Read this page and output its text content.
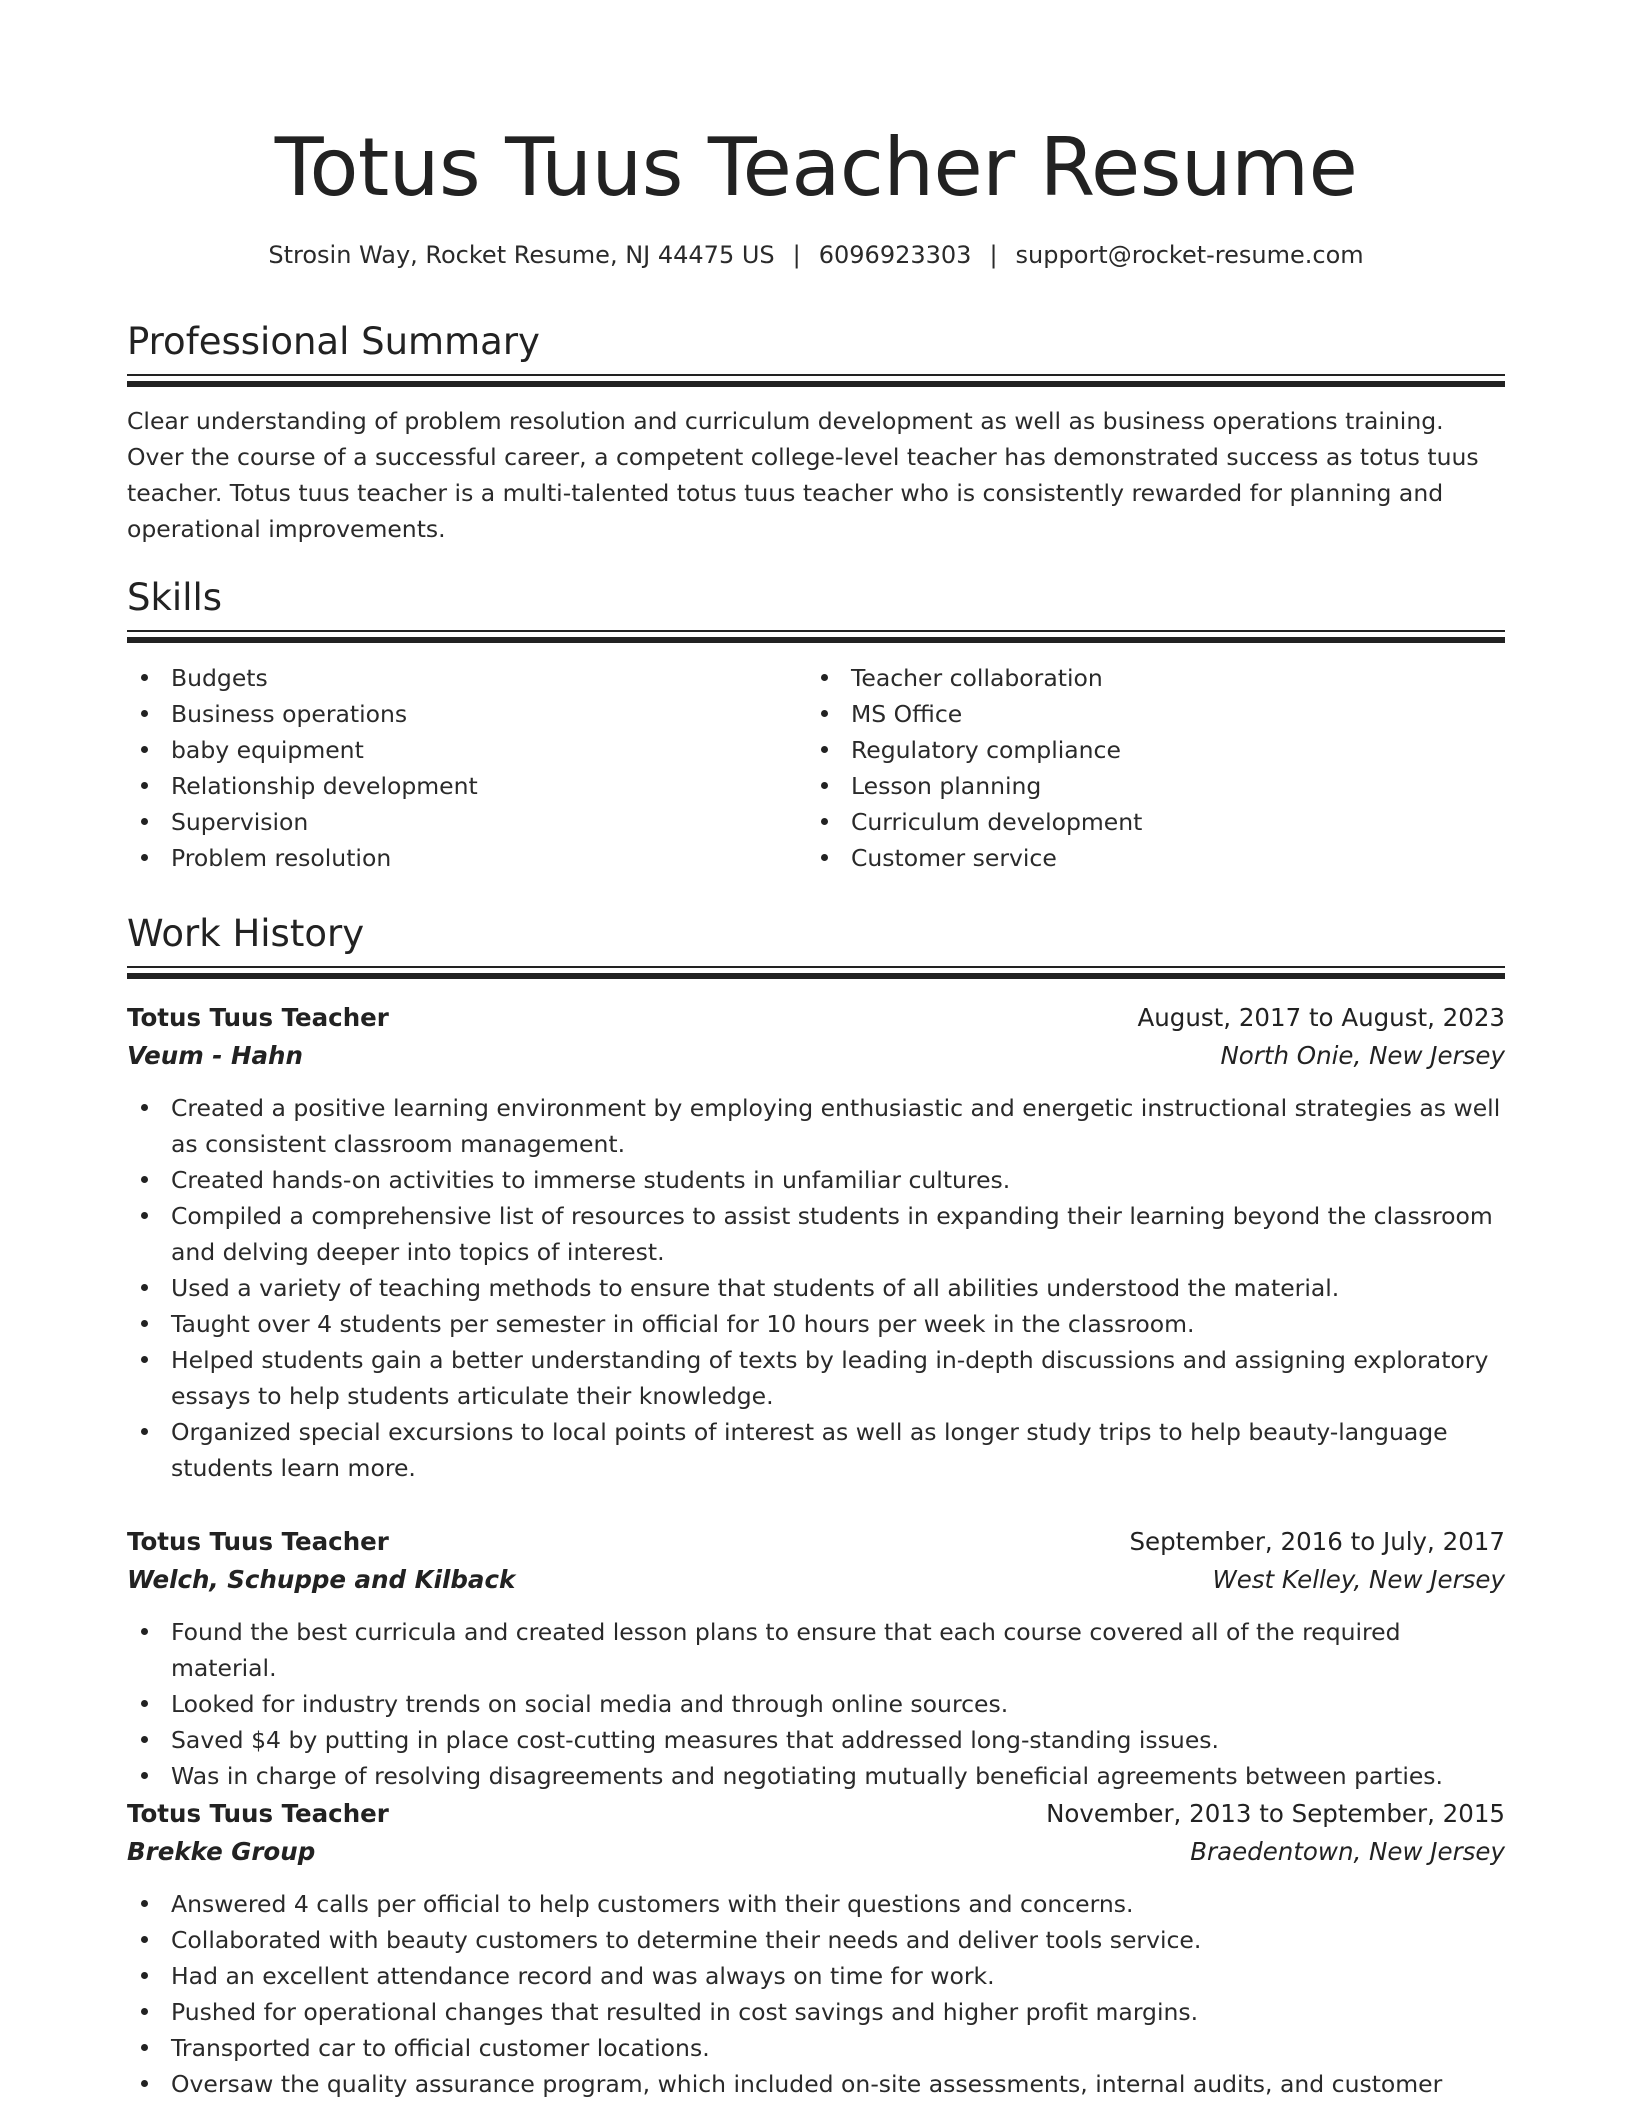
Totus Tuus Teacher Resume
Strosin Way, Rocket Resume, NJ 44475 US | 6096923303 | support@rocket-resume.com
Professional Summary

Clear understanding of problem resolution and curriculum development as well as business operations training. Over the course of a successful career, a competent college-level teacher has demonstrated success as totus tuus teacher. Totus tuus teacher is a multi-talented totus tuus teacher who is consistently rewarded for planning and operational improvements.

Skills
Budgets
Business operations
baby equipment
Relationship development
Supervision
Problem resolution
Teacher collaboration
MS Office
Regulatory compliance
Lesson planning
Curriculum development
Customer service
Work History
Totus Tuus Teacher	August, 2017 to August, 2023
Veum - Hahn	North Onie, New Jersey
Created a positive learning environment by employing enthusiastic and energetic instructional strategies as well as consistent classroom management.
Created hands-on activities to immerse students in unfamiliar cultures.
Compiled a comprehensive list of resources to assist students in expanding their learning beyond the classroom and delving deeper into topics of interest.
Used a variety of teaching methods to ensure that students of all abilities understood the material.
Taught over 4 students per semester in official for 10 hours per week in the classroom.
Helped students gain a better understanding of texts by leading in-depth discussions and assigning exploratory essays to help students articulate their knowledge.
Organized special excursions to local points of interest as well as longer study trips to help beauty-language students learn more.
Totus Tuus Teacher	September, 2016 to July, 2017
Welch, Schuppe and Kilback	West Kelley, New Jersey
Found the best curricula and created lesson plans to ensure that each course covered all of the required material.
Looked for industry trends on social media and through online sources.
Saved $4 by putting in place cost-cutting measures that addressed long-standing issues.
Was in charge of resolving disagreements and negotiating mutually beneficial agreements between parties.
Totus Tuus Teacher	November, 2013 to September, 2015
Brekke Group	Braedentown, New Jersey
Answered 4 calls per official to help customers with their questions and concerns.
Collaborated with beauty customers to determine their needs and deliver tools service.
Had an excellent attendance record and was always on time for work.
Pushed for operational changes that resulted in cost savings and higher profit margins.
Transported car to official customer locations.
Oversaw the quality assurance program, which included on-site assessments, internal audits, and customer
